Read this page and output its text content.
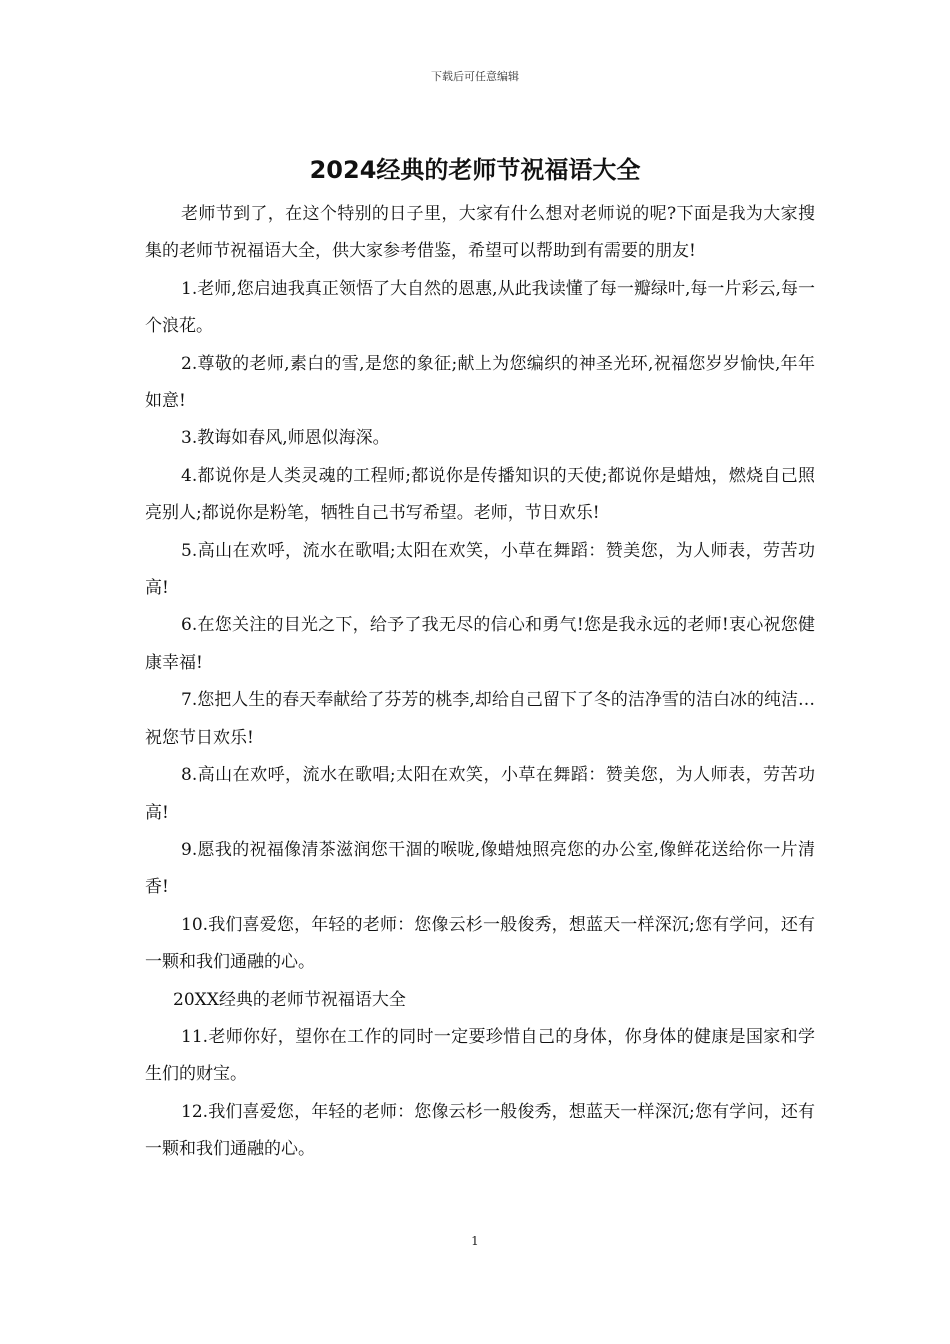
下载后可任意编辑
2024经典的老师节祝福语大全

老师节到了，在这个特别的日子里，大家有什么想对老师说的呢?下面是我为大家搜集的老师节祝福语大全，供大家参考借鉴，希望可以帮助到有需要的朋友!

1.老师,您启迪我真正领悟了大自然的恩惠,从此我读懂了每一瓣绿叶,每一片彩云,每一个浪花。

2.尊敬的老师,素白的雪,是您的象征;献上为您编织的神圣光环,祝福您岁岁愉快,年年如意!

3.教诲如春风,师恩似海深。

4.都说你是人类灵魂的工程师;都说你是传播知识的天使;都说你是蜡烛，燃烧自己照亮别人;都说你是粉笔，牺牲自己书写希望。老师，节日欢乐!

5.高山在欢呼，流水在歌唱;太阳在欢笑，小草在舞蹈：赞美您，为人师表，劳苦功高!

6.在您关注的目光之下，给予了我无尽的信心和勇气!您是我永远的老师!衷心祝您健康幸福!

7.您把人生的春天奉献给了芬芳的桃李,却给自己留下了冬的洁净雪的洁白冰的纯洁…祝您节日欢乐!

8.高山在欢呼，流水在歌唱;太阳在欢笑，小草在舞蹈：赞美您，为人师表，劳苦功高!

9.愿我的祝福像清茶滋润您干涸的喉咙,像蜡烛照亮您的办公室,像鲜花送给你一片清香!

10.我们喜爱您，年轻的老师：您像云杉一般俊秀，想蓝天一样深沉;您有学问，还有一颗和我们通融的心。

20XX经典的老师节祝福语大全

11.老师你好，望你在工作的同时一定要珍惜自己的身体，你身体的健康是国家和学生们的财宝。

12.我们喜爱您，年轻的老师：您像云杉一般俊秀，想蓝天一样深沉;您有学问，还有一颗和我们通融的心。

1
